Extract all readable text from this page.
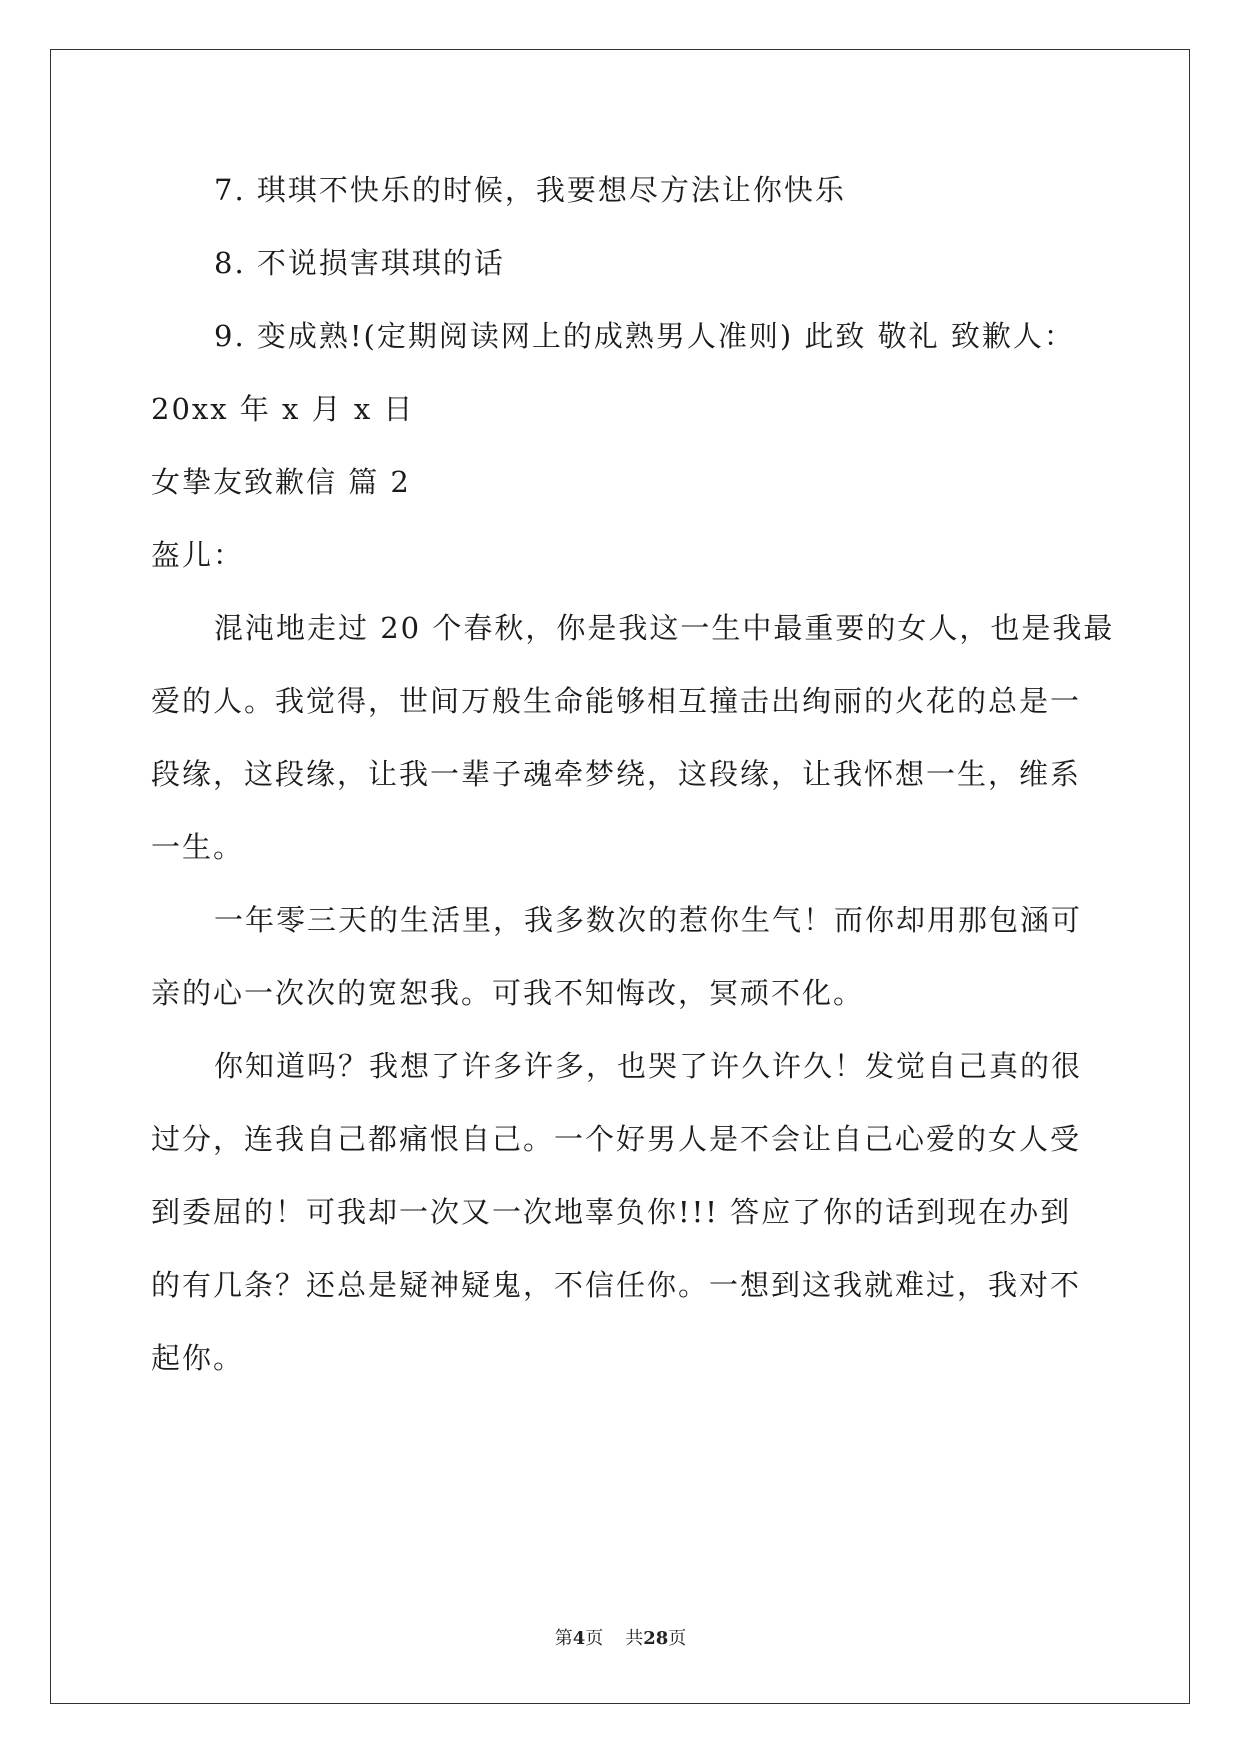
7. 琪琪不快乐的时候，我要想尽方法让你快乐
8. 不说损害琪琪的话
9. 变成熟!(定期阅读网上的成熟男人准则) 此致 敬礼 致歉人：
20xx 年 x 月 x 日
女挚友致歉信 篇 2
盔儿：
混沌地走过 20 个春秋，你是我这一生中最重要的女人，也是我最
爱的人。我觉得，世间万般生命能够相互撞击出绚丽的火花的总是一
段缘，这段缘，让我一辈子魂牵梦绕，这段缘，让我怀想一生，维系
一生。
一年零三天的生活里，我多数次的惹你生气！而你却用那包涵可
亲的心一次次的宽恕我。可我不知悔改，冥顽不化。
你知道吗？我想了许多许多，也哭了许久许久！发觉自己真的很
过分，连我自己都痛恨自己。一个好男人是不会让自己心爱的女人受
到委屈的！可我却一次又一次地辜负你!!! 答应了你的话到现在办到
的有几条？还总是疑神疑鬼，不信任你。一想到这我就难过，我对不
起你。
第4页 共28页
